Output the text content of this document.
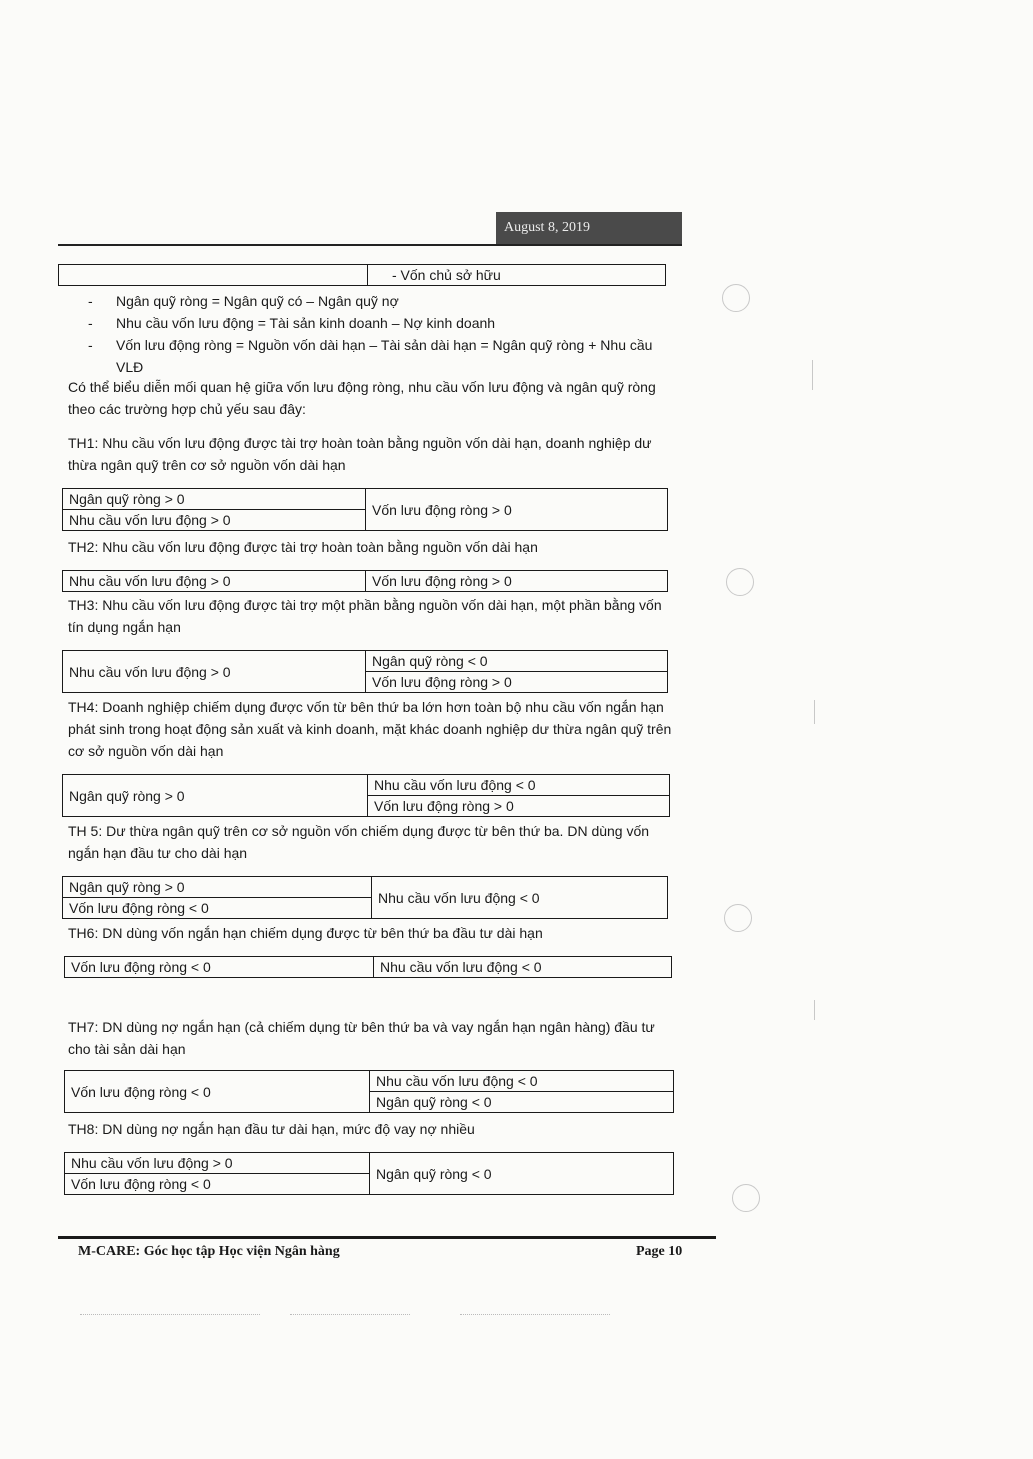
August 8, 2019
	- Vốn chủ sở hữu
-	Ngân quỹ ròng = Ngân quỹ có – Ngân quỹ nợ
-	Nhu cầu vốn lưu động = Tài sản kinh doanh – Nợ kinh doanh
-	Vốn lưu động ròng = Nguồn vốn dài hạn – Tài sản dài hạn = Ngân quỹ ròng + Nhu cầu VLĐ
Có thể biểu diễn mối quan hệ giữa vốn lưu động ròng, nhu cầu vốn lưu động và ngân quỹ ròng theo các trường hợp chủ yếu sau đây:
TH1: Nhu cầu vốn lưu động được tài trợ hoàn toàn bằng nguồn vốn dài hạn, doanh nghiệp dư thừa ngân quỹ trên cơ sở nguồn vốn dài hạn
Ngân quỹ ròng > 0	Vốn lưu động ròng > 0
Nhu cầu vốn lưu động > 0
TH2: Nhu cầu vốn lưu động được tài trợ hoàn toàn bằng nguồn vốn dài hạn
Nhu cầu vốn lưu động > 0	Vốn lưu động ròng > 0
TH3: Nhu cầu vốn lưu động được tài trợ một phần bằng nguồn vốn dài hạn, một phần bằng vốn tín dụng ngắn hạn
Nhu cầu vốn lưu động > 0	Ngân quỹ ròng < 0
Vốn lưu động ròng > 0
TH4: Doanh nghiệp chiếm dụng được vốn từ bên thứ ba lớn hơn toàn bộ nhu cầu vốn ngắn hạn phát sinh trong hoạt động sản xuất và kinh doanh, mặt khác doanh nghiệp dư thừa ngân quỹ trên cơ sở nguồn vốn dài hạn
Ngân quỹ ròng > 0	Nhu cầu vốn lưu động < 0
Vốn lưu động ròng > 0
TH 5: Dư thừa ngân quỹ trên cơ sở nguồn vốn chiếm dụng được từ bên thứ ba. DN dùng vốn ngắn hạn đầu tư cho dài hạn
Ngân quỹ ròng > 0	Nhu cầu vốn lưu động < 0
Vốn lưu động ròng < 0
TH6: DN dùng vốn ngắn hạn chiếm dụng được từ bên thứ ba đầu tư dài hạn
Vốn lưu động ròng < 0	Nhu cầu vốn lưu động < 0
TH7: DN dùng nợ ngắn hạn (cả chiếm dụng từ bên thứ ba và vay ngắn hạn ngân hàng) đầu tư cho tài sản dài hạn
Vốn lưu động ròng < 0	Nhu cầu vốn lưu động < 0
Ngân quỹ ròng < 0
TH8: DN dùng nợ ngắn hạn đầu tư dài hạn, mức độ vay nợ nhiều
Nhu cầu vốn lưu động > 0	Ngân quỹ ròng < 0
Vốn lưu động ròng < 0
M-CARE: Góc học tập Học viện Ngân hàng	Page 10
